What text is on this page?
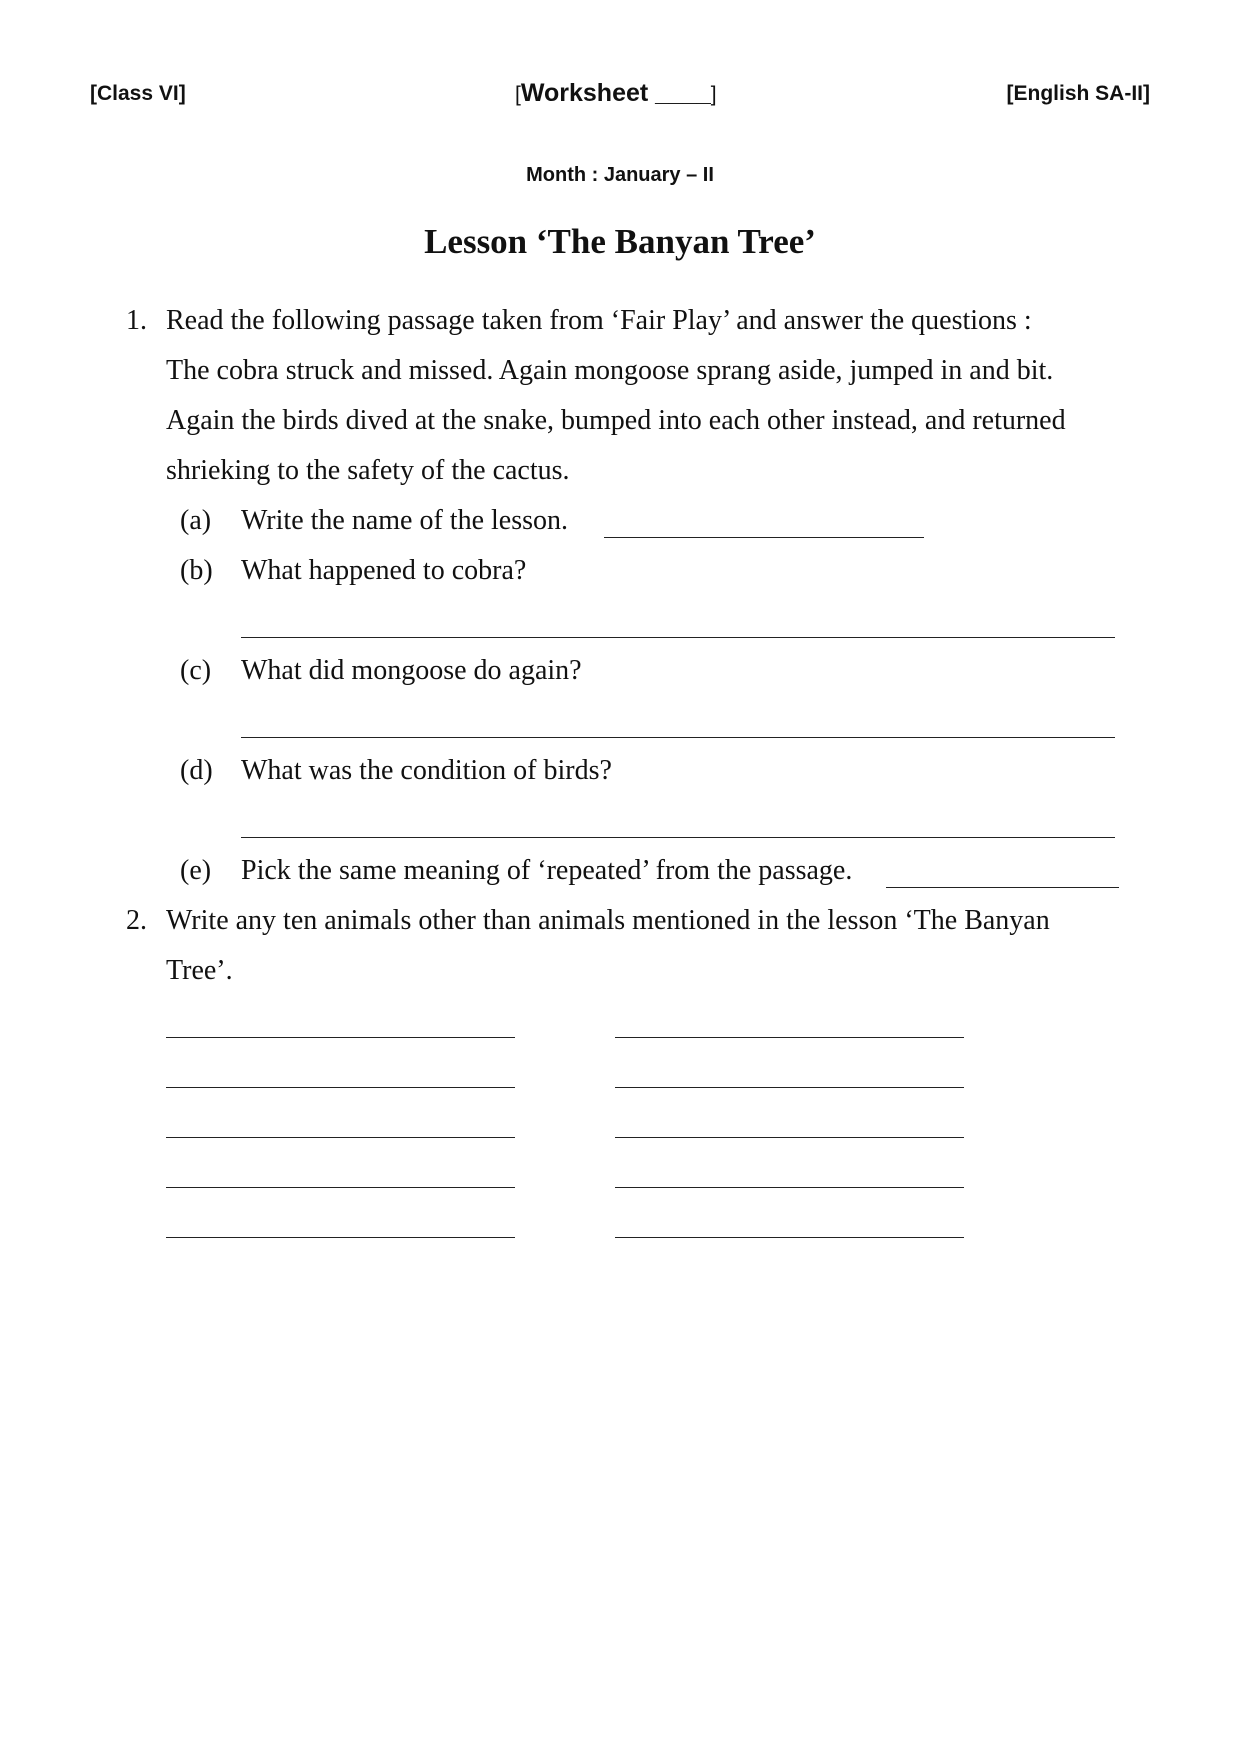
[Class VI]	[Worksheet ____]	[English SA-II]
Month : January – II
Lesson ‘The Banyan Tree’
1. Read the following passage taken from ‘Fair Play’ and answer the questions :
The cobra struck and missed. Again mongoose sprang aside, jumped in and bit.
Again the birds dived at the snake, bumped into each other instead, and returned
shrieking to the safety of the cactus.
(a) Write the name of the lesson.
(b) What happened to cobra?
(c) What did mongoose do again?
(d) What was the condition of birds?
(e) Pick the same meaning of ‘repeated’ from the passage.
2. Write any ten animals other than animals mentioned in the lesson ‘The Banyan
Tree’.
